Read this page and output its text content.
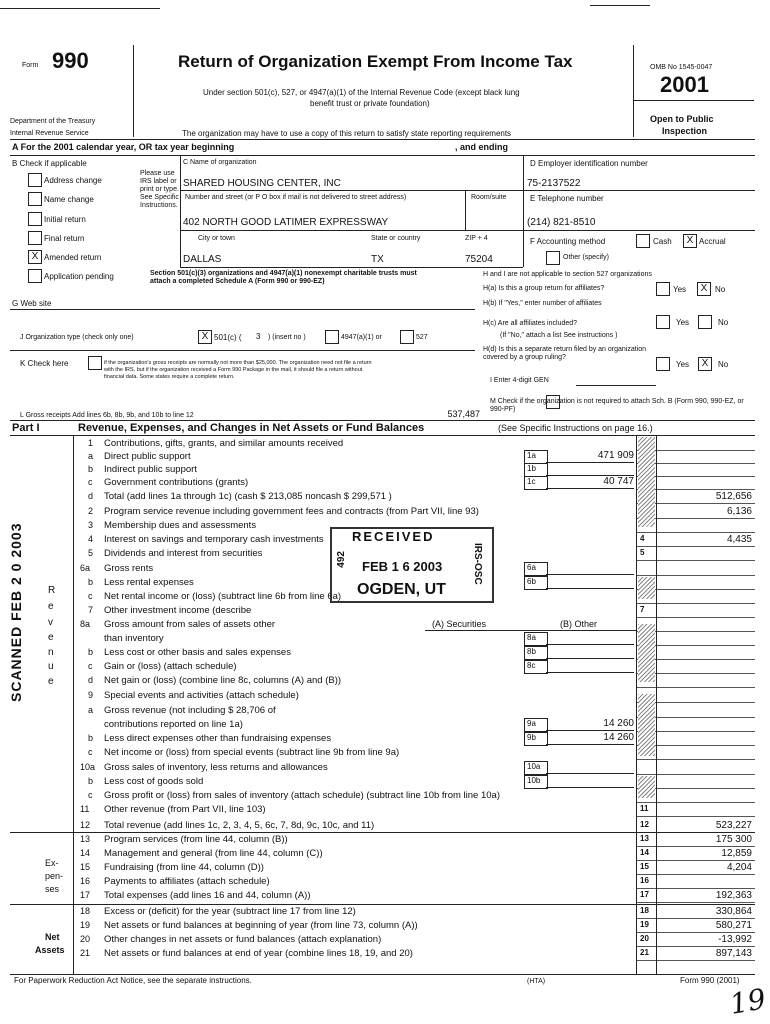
Form 990
Department of the Treasury
Internal Revenue Service
Return of Organization Exempt From Income Tax
Under section 501(c), 527, or 4947(a)(1) of the Internal Revenue Code (except black lung
benefit trust or private foundation)
The organization may have to use a copy of this return to satisfy state reporting requirements
OMB No 1545-0047
2001
Open to Public
Inspection
A For the 2001 calendar year, OR tax year beginning	, and ending
B Check if applicable
Address change
Name change
Initial return
Final return
X Amended return
Application pending
Please use IRS label or print or type. See Specific Instructions.
C Name of organization
SHARED HOUSING CENTER, INC
Number and street (or P O box if mail is not delivered to street address)	Room/suite
402 NORTH GOOD LATIMER EXPRESSWAY
City or town	State or country	ZIP + 4
DALLAS	TX	75204
D Employer identification number
75-2137522
E Telephone number
(214) 821-8510
F Accounting method	Cash	X Accrual
Other (specify)
Section 501(c)(3) organizations and 4947(a)(1) nonexempt charitable trusts must attach a completed Schedule A (Form 990 or 990-EZ)
H and I are not applicable to section 527 organizations
H(a) Is this a group return for affiliates?	Yes	X No
H(b) If "Yes," enter number of affiliates
H(c) Are all affiliates included?	Yes	No
(If "No," attach a list See instructions )
H(d) Is this a separate return filed by an organization covered by a group ruling?
Yes	X	No
I Enter 4-digit GEN
G Web site
J Organization type (check only one)	X 501(c) ( 3 ) (insert no )	4947(a)(1) or	527
K Check here	if the organization's gross receipts are normally not more than $25,000. The organization need not file a return with the IRS, but if the organization received a Form 990 Package in the mail, it should file a return without financial data. Some states require a complete return.
M Check if the organization is not required to attach Sch. B (Form 990, 990-EZ, or 990-PF)
L Gross receipts Add lines 6b, 8b, 9b, and 10b to line 12	537,487
Part I	Revenue, Expenses, and Changes in Net Assets or Fund Balances	(See Specific Instructions on page 16.)
R
e
v
e
n
u
e
Ex-
pen-
ses
Net
Assets
1 Contributions, gifts, grants, and similar amounts received
a Direct public support	1a	471 909
b Indirect public support	1b
c Government contributions (grants)	1c	40 747
d Total (add lines 1a through 1c) (cash $ 213,085 noncash $ 299,571 )	512,656
2 Program service revenue including government fees and contracts (from Part VII, line 93)	6,136
3 Membership dues and assessments
4 Interest on savings and temporary cash investments	4	4,435
5 Dividends and interest from securities	5
6a Gross rents	6a
b Less rental expenses	6b
c Net rental income or (loss) (subtract line 6b from line 6a)
7 Other investment income (describe	7
8a Gross amount from sales of assets other	(A) Securities	(B) Other
than inventory	8a
b Less cost or other basis and sales expenses	8b
c Gain or (loss) (attach schedule)	8c
d Net gain or (loss) (combine line 8c, columns (A) and (B))
9 Special events and activities (attach schedule)
a Gross revenue (not including $ 28,706 of
contributions reported on line 1a)	9a	14 260
b Less direct expenses other than fundraising expenses	9b	14 260
c Net income or (loss) from special events (subtract line 9b from line 9a)
10a Gross sales of inventory, less returns and allowances	10a
b Less cost of goods sold	10b
c Gross profit or (loss) from sales of inventory (attach schedule) (subtract line 10b from line 10a)
11 Other revenue (from Part VII, line 103)	11
12 Total revenue (add lines 1c, 2, 3, 4, 5, 6c, 7, 8d, 9c, 10c, and 11)	12	523,227
13 Program services (from line 44, column (B))	13	175 300
14 Management and general (from line 44, column (C))	14	12,859
15 Fundraising (from line 44, column (D))	15	4,204
16 Payments to affiliates (attach schedule)	16
17 Total expenses (add lines 16 and 44, column (A))	17	192,363
18 Excess or (deficit) for the year (subtract line 17 from line 12)	18	330,864
19 Net assets or fund balances at beginning of year (from line 73, column (A))	19	580,271
20 Other changes in net assets or fund balances (attach explanation)	20	-13,992
21 Net assets or fund balances at end of year (combine lines 18, 19, and 20)	21	897,143
RECEIVED
FEB 1 6 2003
OGDEN, UT
IRS-OSC
492
SCANNED FEB 2 0 2003
For Paperwork Reduction Act Notice, see the separate instructions.	(HTA)	Form 990 (2001)
19
